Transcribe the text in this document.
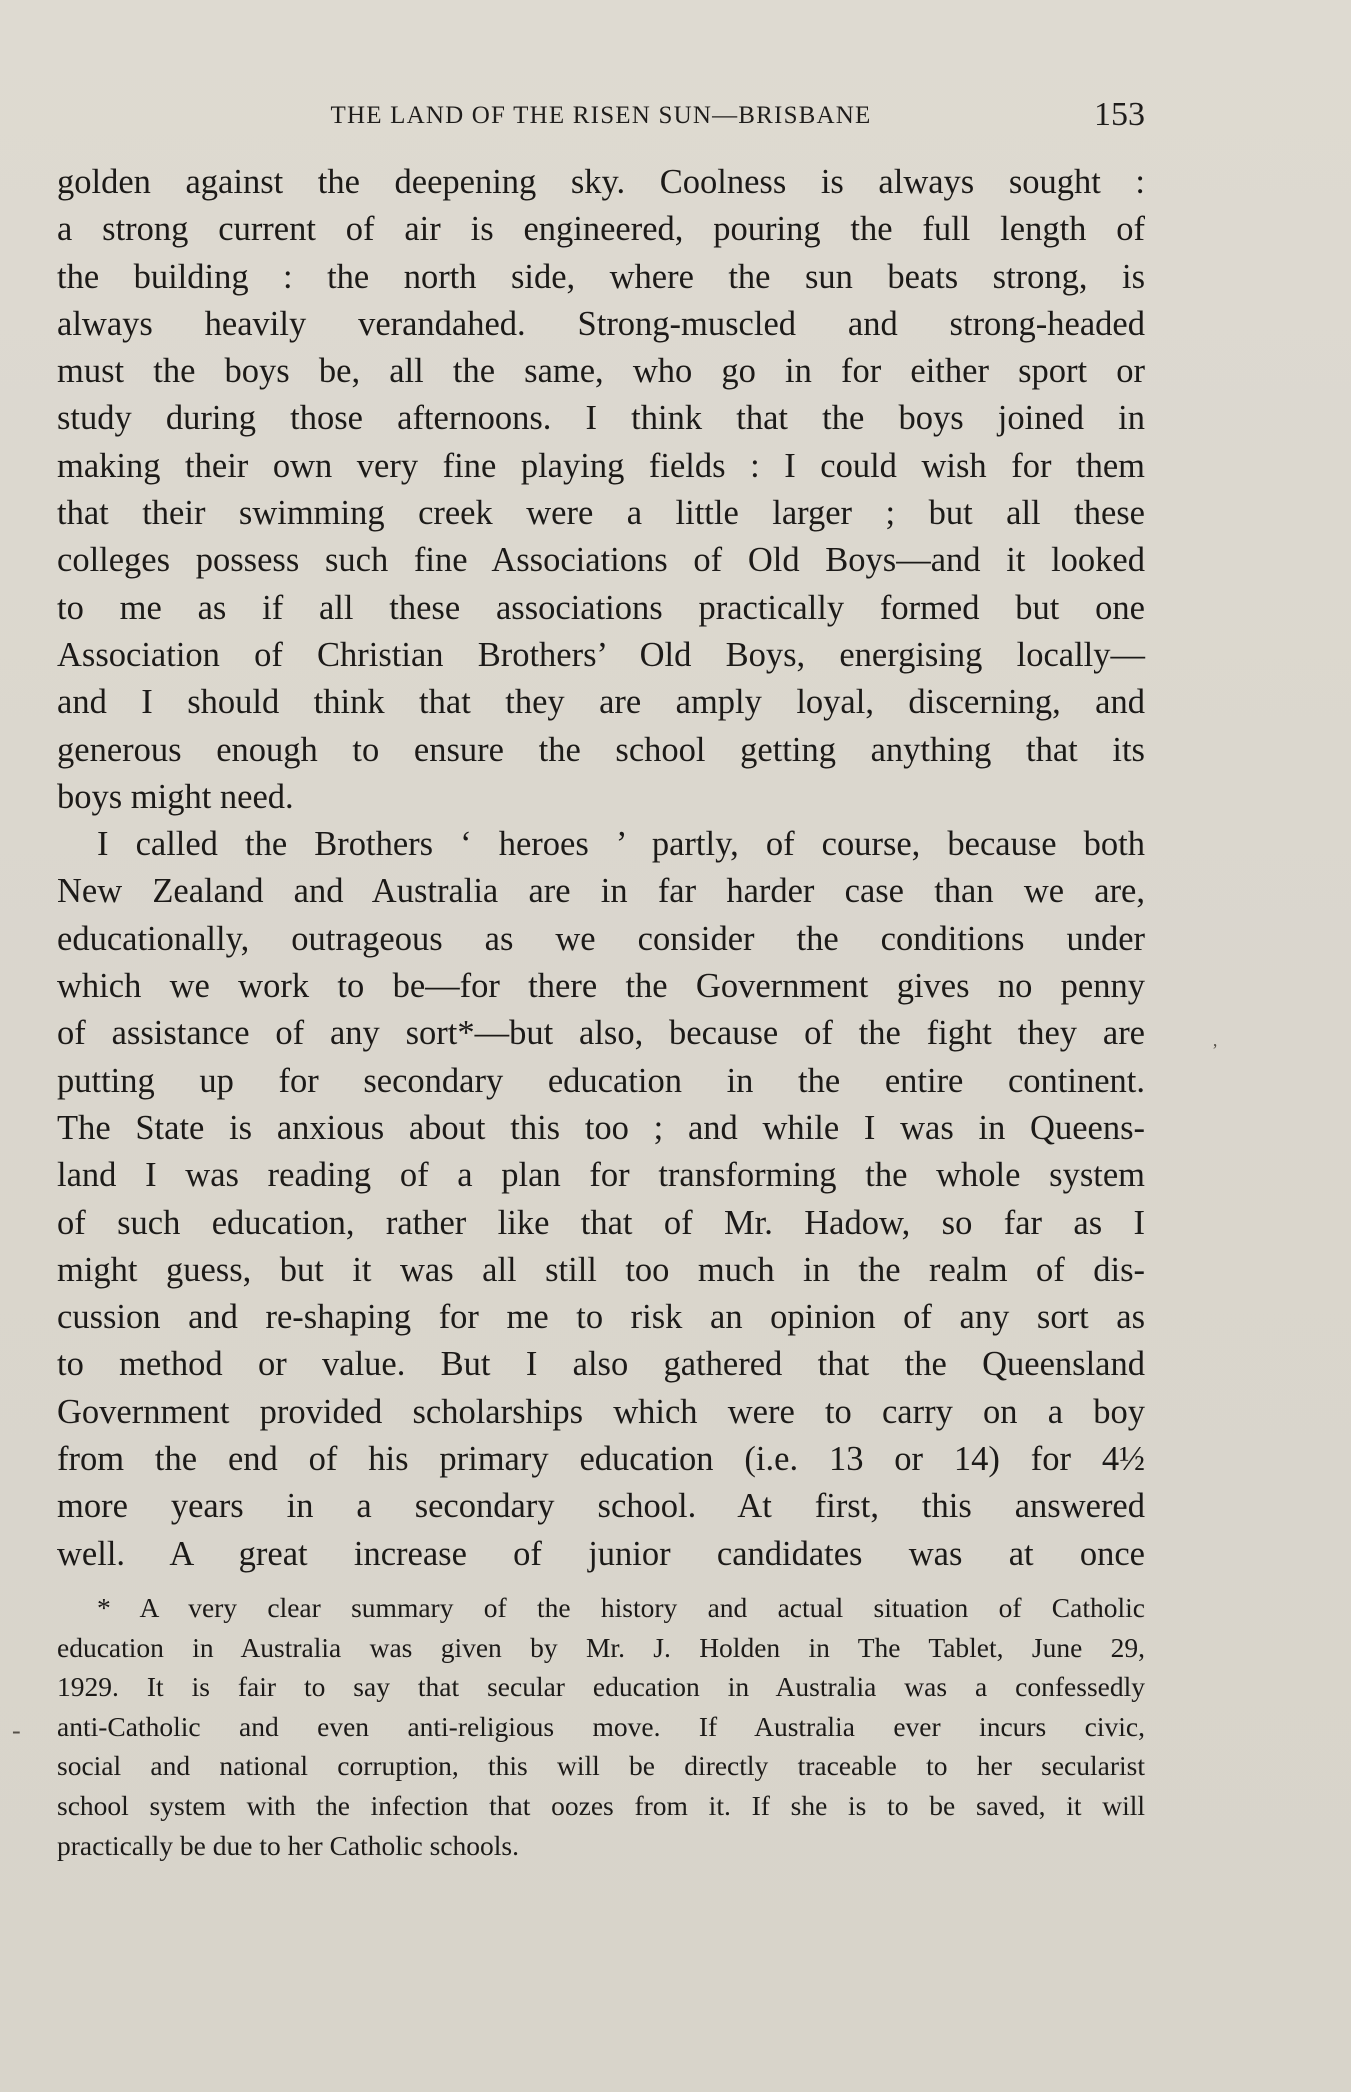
THE LAND OF THE RISEN SUN—BRISBANE	153
golden against the deepening sky. Coolness is always sought :
a strong current of air is engineered, pouring the full length of
the building : the north side, where the sun beats strong, is
always heavily verandahed. Strong-muscled and strong-headed
must the boys be, all the same, who go in for either sport or
study during those afternoons. I think that the boys joined in
making their own very fine playing fields : I could wish for them
that their swimming creek were a little larger ; but all these
colleges possess such fine Associations of Old Boys—and it looked
to me as if all these associations practically formed but one
Association of Christian Brothers’ Old Boys, energising locally—
and I should think that they are amply loyal, discerning, and
generous enough to ensure the school getting anything that its
boys might need.
I called the Brothers ‘ heroes ’ partly, of course, because both
New Zealand and Australia are in far harder case than we are,
educationally, outrageous as we consider the conditions under
which we work to be—for there the Government gives no penny
of assistance of any sort*—but also, because of the fight they are
putting up for secondary education in the entire continent.
The State is anxious about this too ; and while I was in Queens-
land I was reading of a plan for transforming the whole system
of such education, rather like that of Mr. Hadow, so far as I
might guess, but it was all still too much in the realm of dis-
cussion and re-shaping for me to risk an opinion of any sort as
to method or value. But I also gathered that the Queensland
Government provided scholarships which were to carry on a boy
from the end of his primary education (i.e. 13 or 14) for 4½
more years in a secondary school. At first, this answered
well. A great increase of junior candidates was at once
* A very clear summary of the history and actual situation of Catholic
education in Australia was given by Mr. J. Holden in The Tablet, June 29,
1929. It is fair to say that secular education in Australia was a confessedly
anti-Catholic and even anti-religious move. If Australia ever incurs civic,
social and national corruption, this will be directly traceable to her secularist
school system with the infection that oozes from it. If she is to be saved, it will
practically be due to her Catholic schools.
‚
-
